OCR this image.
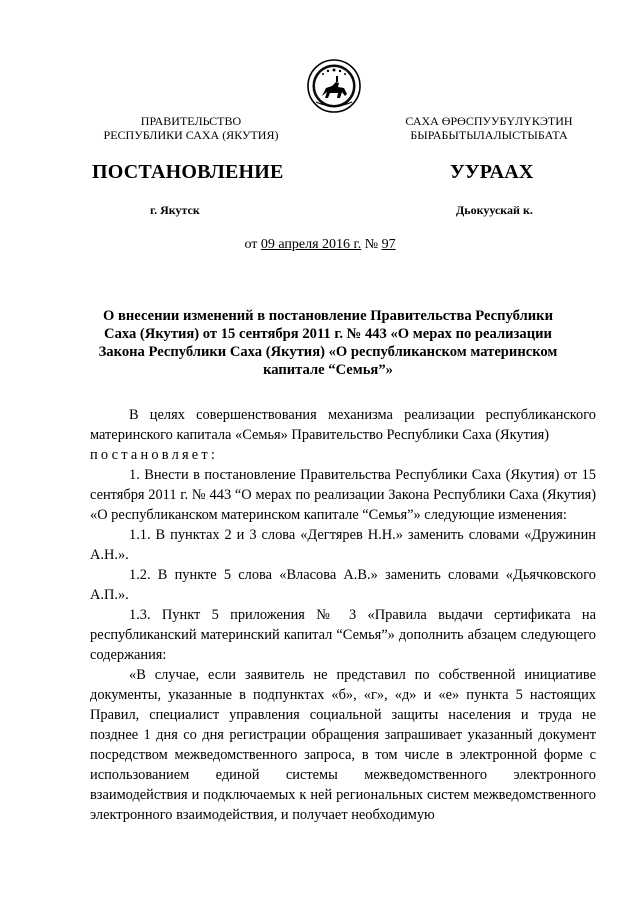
ПРАВИТЕЛЬСТВО
РЕСПУБЛИКИ САХА (ЯКУТИЯ)
САХА ӨРӨСПУУБҮЛҮКЭТИН
БЫРАБЫТЫЛАЛЫСТЫБАТА
ПОСТАНОВЛЕНИЕ	УУРААХ
г. Якутск	Дьокуускай к.
от 09 апреля 2016 г. № 97
О внесении изменений в постановление Правительства Республики Саха (Якутия) от 15 сентября 2011 г. № 443 «О мерах по реализации Закона Республики Саха (Якутия) «О республиканском материнском капитале “Семья”»

В целях совершенствования механизма реализации республиканского материнского капитала «Семья» Правительство Республики Саха (Якутия)

постановляет:

1. Внести в постановление Правительства Республики Саха (Якутия) от 15 сентября 2011 г. № 443 “О мерах по реализации Закона Республики Саха (Якутия) «О республиканском материнском капитале “Семья”» следующие изменения:

1.1. В пунктах 2 и 3 слова «Дегтярев Н.Н.» заменить словами «Дружинин А.Н.».

1.2. В пункте 5 слова «Власова А.В.» заменить словами «Дьячковского А.П.».

1.3. Пункт 5 приложения № 3 «Правила выдачи сертификата на республиканский материнский капитал “Семья”» дополнить абзацем следующего содержания:

«В случае, если заявитель не представил по собственной инициативе документы, указанные в подпунктах «б», «г», «д» и «е» пункта 5 настоящих Правил, специалист управления социальной защиты населения и труда не позднее 1 дня со дня регистрации обращения запрашивает указанный документ посредством межведомственного запроса, в том числе в электронной форме с использованием единой системы межведомственного электронного взаимодействия и подключаемых к ней региональных систем межведомственного электронного взаимодействия, и получает необходимую
